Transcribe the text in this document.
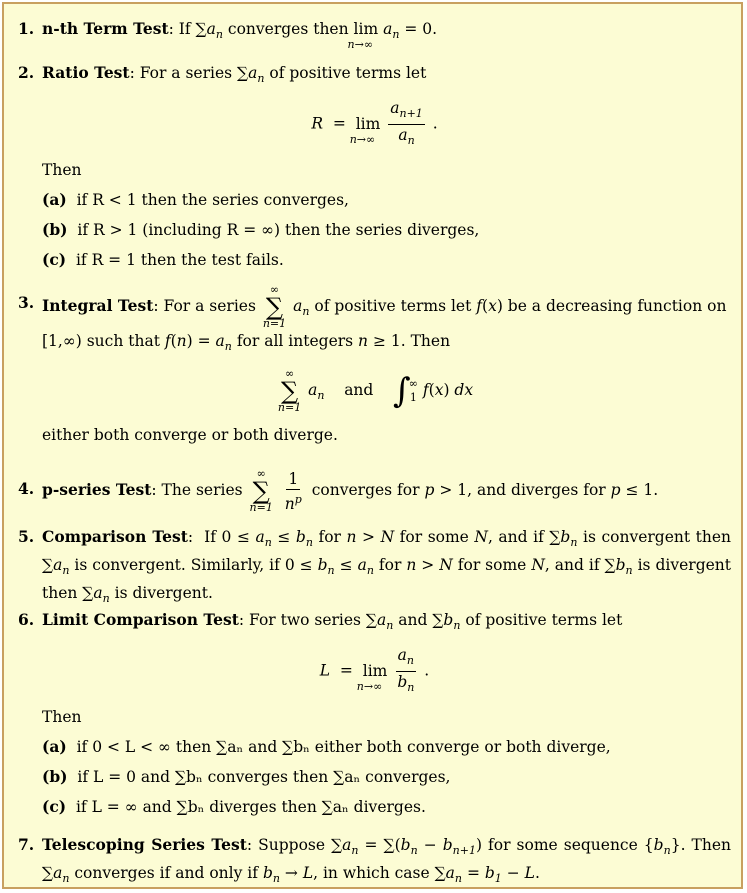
1. n-th Term Test: If $\sum a_n$ converges then lim
n→∞
$a_n = 0$.
2. Ratio Test: For a series $\sum a_n$ of positive terms let
R  =  lim
n→∞
$\frac{a_{n+1}}{a_n}$ .
Then
(a) if R < 1 then the series converges,
(b) if R > 1 (including R = ∞) then the series diverges,
(c) if R = 1 then the test fails.
3. Integral Test: For a series
∞
∑
n=1
$a_n$ of positive terms let f(x) be a decreasing function on [1,∞) such that $f(n) = a_n$ for all integers n ≥ 1. Then
∞
∑
n=1
$a_n$    and ∫
∞
1 f(x) dx
either both converge or both diverge.
4. p-series Test: The series
∞
∑
n=1
$\frac{1}{n^p}$ converges for p > 1, and diverges for p ≤ 1.
5. Comparison Test:  If $0 \le a_n \le b_n$ for n > N for some N, and if $\sum b_n$ is convergent then $\sum a_n$ is convergent. Similarly, if $0 \le b_n \le a_n$ for n > N for some N, and if $\sum b_n$ is divergent then $\sum a_n$ is divergent.
6. Limit Comparison Test: For two series $\sum a_n$ and $\sum b_n$ of positive terms let
L  =  lim
n→∞
$\frac{a_n}{b_n}$ .
Then
(a) if 0 < L < ∞ then ∑aₙ and ∑bₙ either both converge or both diverge,
(b) if L = 0 and ∑bₙ converges then ∑aₙ converges,
(c) if L = ∞ and ∑bₙ diverges then ∑aₙ diverges.
7. Telescoping Series Test: Suppose $\sum a_n = \sum(b_n - b_{n+1})$ for some sequence $\{b_n\}$. Then $\sum a_n$ converges if and only if $b_n \to L$, in which case $\sum a_n = b_1 - L$.
